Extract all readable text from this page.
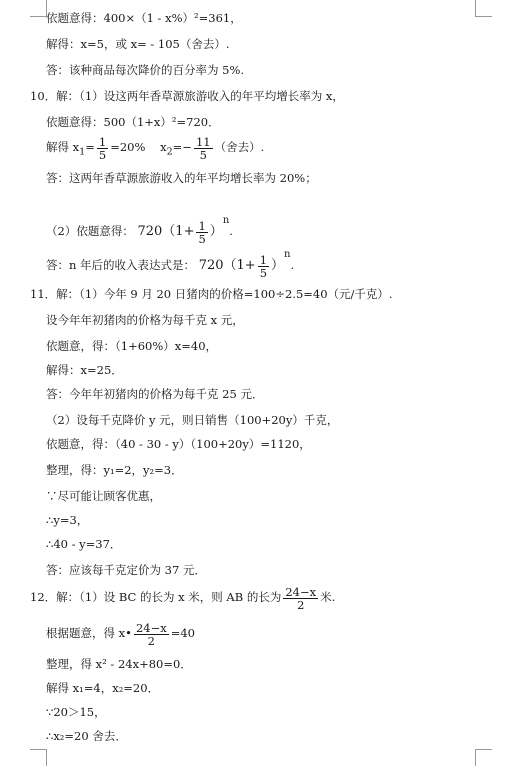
依题意得：400×（1 - x%）²=361，
解得：x=5，或 x= - 105（舍去）.
答：该种商品每次降价的百分率为 5%.
10．解：（1）设这两年香草源旅游收入的年平均增长率为 x，
依题意得：500（1+x）²=720．
解得 $x_1= \frac{1}{5} =20\%$ $x_2=- \frac{11}{5}$ （舍去）.
答：这两年香草源旅游收入的年平均增长率为 20%；
（2）依题意得： $720(1+ \frac{1}{5} )n$.
答：n 年后的收入表达式是： $720(1+ \frac{1}{5} )n$.
11．解：（1）今年 9 月 20 日猪肉的价格=100÷2.5=40（元/千克）.
设今年年初猪肉的价格为每千克 x 元，
依题意，得：（1+60%）x=40，
解得：x=25．
答：今年年初猪肉的价格为每千克 25 元．
（2）设每千克降价 y 元，则日销售（100+20y）千克，
依题意，得：（40 - 30 - y）（100+20y）=1120，
整理，得：y₁=2，y₂=3．
∵尽可能让顾客优惠，
∴y=3，
∴40 - y=37．
答：应该每千克定价为 37 元．
12．解：（1）设 BC 的长为 x 米，则 AB 的长为 $\frac{24-x}{2}$ 米.
根据题意，得 x• $\frac{24-x}{2} =40$
整理，得 x² - 24x+80=0．
解得 x₁=4，x₂=20．
∵20＞15，
∴x₂=20 舍去．
